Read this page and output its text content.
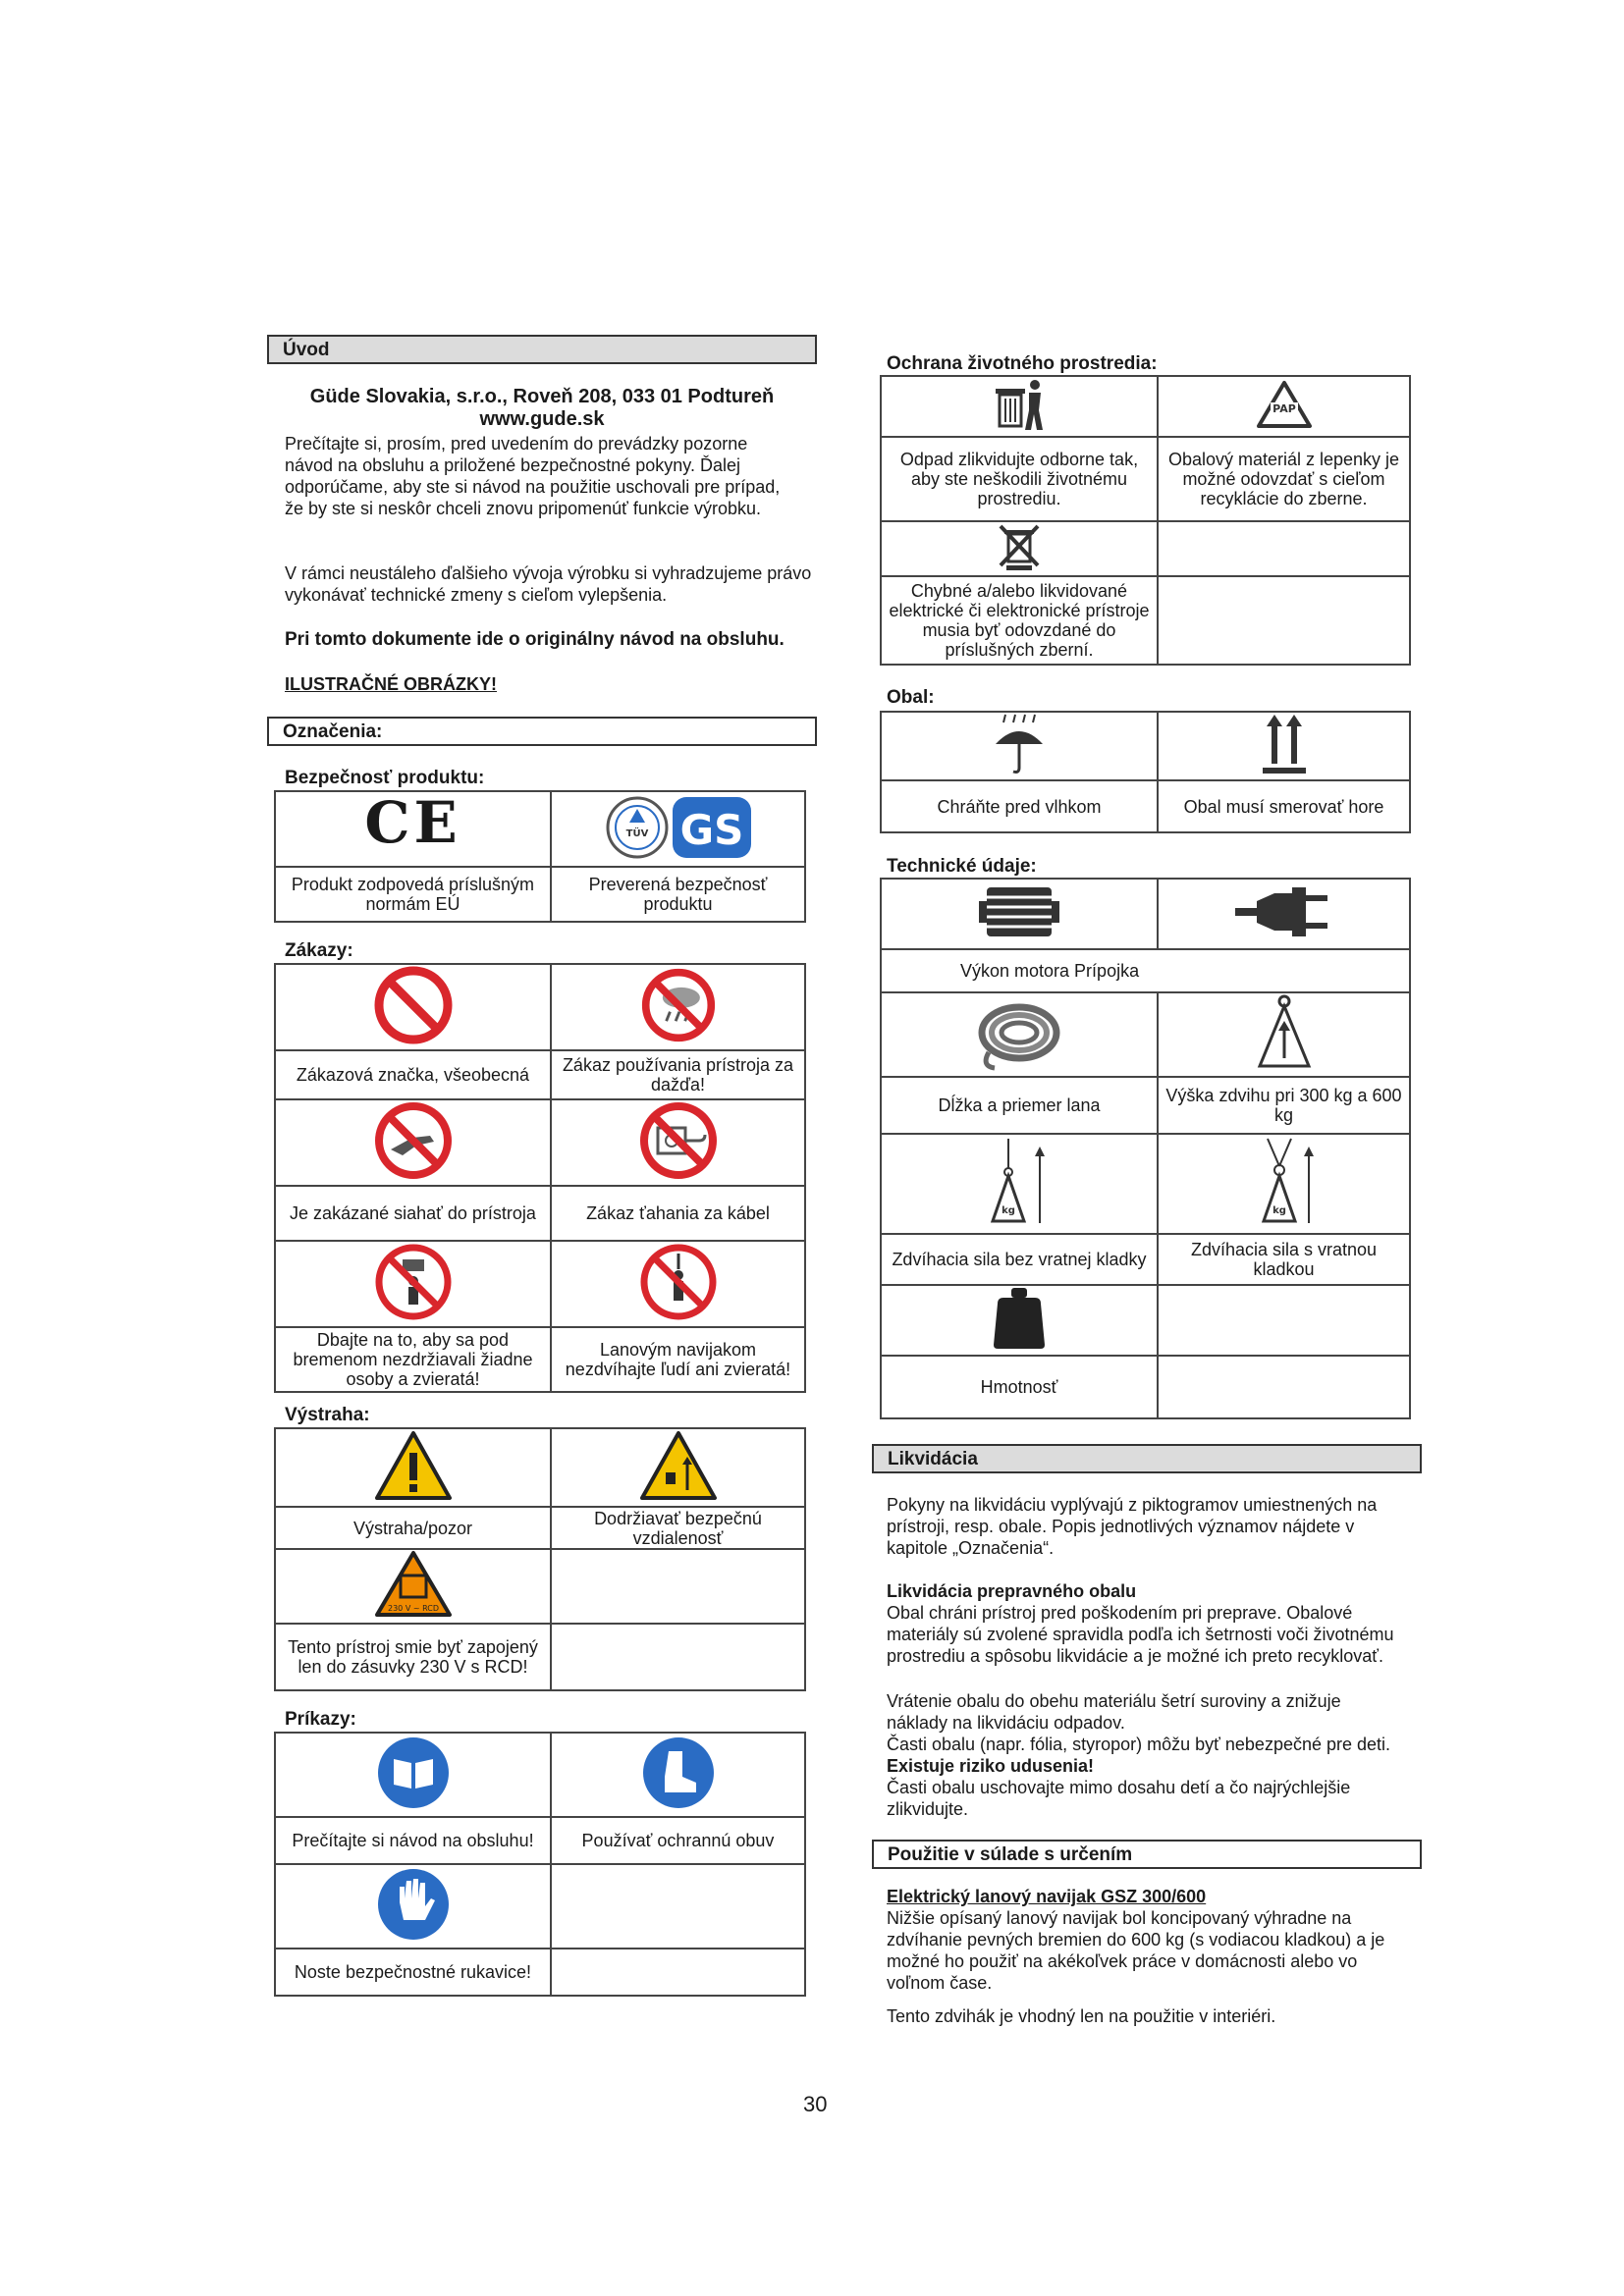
Úvod
Güde Slovakia, s.r.o., Roveň 208, 033 01 Podtureň
www.gude.sk

Prečítajte si, prosím, pred uvedením do prevádzky pozorne návod na obsluhu a priložené bezpečnostné pokyny. Ďalej odporúčame, aby ste si návod na použitie uschovali pre prípad, že by ste si neskôr chceli znovu pripomenúť funkcie výrobku.

V rámci neustáleho ďalšieho vývoja výrobku si vyhradzujeme právo vykonávať technické zmeny s cieľom vylepšenia.

Pri tomto dokumente ide o originálny návod na obsluhu.

ILUSTRAČNÉ OBRÁZKY!

Označenia:
Bezpečnosť produktu:
CE	TÜV GS

Produkt zodpovedá príslušným normám EÚ	Preverená bezpečnosť produktu
Zákazy:

Zákazová značka, všeobecná	Zákaz používania prístroja za dažďa!

Je zakázané siahať do prístroja	Zákaz ťahania za kábel

Dbajte na to, aby sa pod bremenom nezdržiavali žiadne osoby a zvieratá!	Lanovým navijakom nezdvíhajte ľudí ani zvieratá!
Výstraha:

Výstraha/pozor	Dodržiavať bezpečnú vzdialenosť

230 V ~ RCD	

Tento prístroj smie byť zapojený len do zásuvky 230 V s RCD!	
Príkazy:

Prečítajte si návod na obsluhu!	Používať ochrannú obuv

Noste bezpečnostné rukavice!	
Ochrana životného prostredia:

PAP

Odpad zlikvidujte odborne tak, aby ste neškodili životnému prostrediu.	Obalový materiál z lepenky je možné odovzdať s cieľom recyklácie do zberne.

Chybné a/alebo likvidované elektrické či elektronické prístroje musia byť odovzdané do príslušných zberní.	
Obal:

Chráňte pred vlhkom	Obal musí smerovať hore
Technické údaje:

Výkon motora Prípojka	

Dĺžka a priemer lana	Výška zdvihu pri 300 kg a 600 kg

kg	kg

Zdvíhacia sila bez vratnej kladky	Zdvíhacia sila s vratnou kladkou

Hmotnosť	
Likvidácia

Pokyny na likvidáciu vyplývajú z piktogramov umiestnených na prístroji, resp. obale. Popis jednotlivých významov nájdete v kapitole „Označenia“.

Likvidácia prepravného obalu

Obal chráni prístroj pred poškodením pri preprave. Obalové materiály sú zvolené spravidla podľa ich šetrnosti voči životnému prostrediu a spôsobu likvidácie a je možné ich preto recyklovať.

Vrátenie obalu do obehu materiálu šetrí suroviny a znižuje náklady na likvidáciu odpadov.

Časti obalu (napr. fólia, styropor) môžu byť nebezpečné pre deti. Existuje riziko udusenia!

Časti obalu uschovajte mimo dosahu detí a čo najrýchlejšie zlikvidujte.

Použitie v súlade s určením

Elektrický lanový navijak GSZ 300/600

Nižšie opísaný lanový navijak bol koncipovaný výhradne na zdvíhanie pevných bremien do 600 kg (s vodiacou kladkou) a je možné ho použiť na akékoľvek práce v domácnosti alebo vo voľnom čase.

Tento zdvihák je vhodný len na použitie v interiéri.

30
